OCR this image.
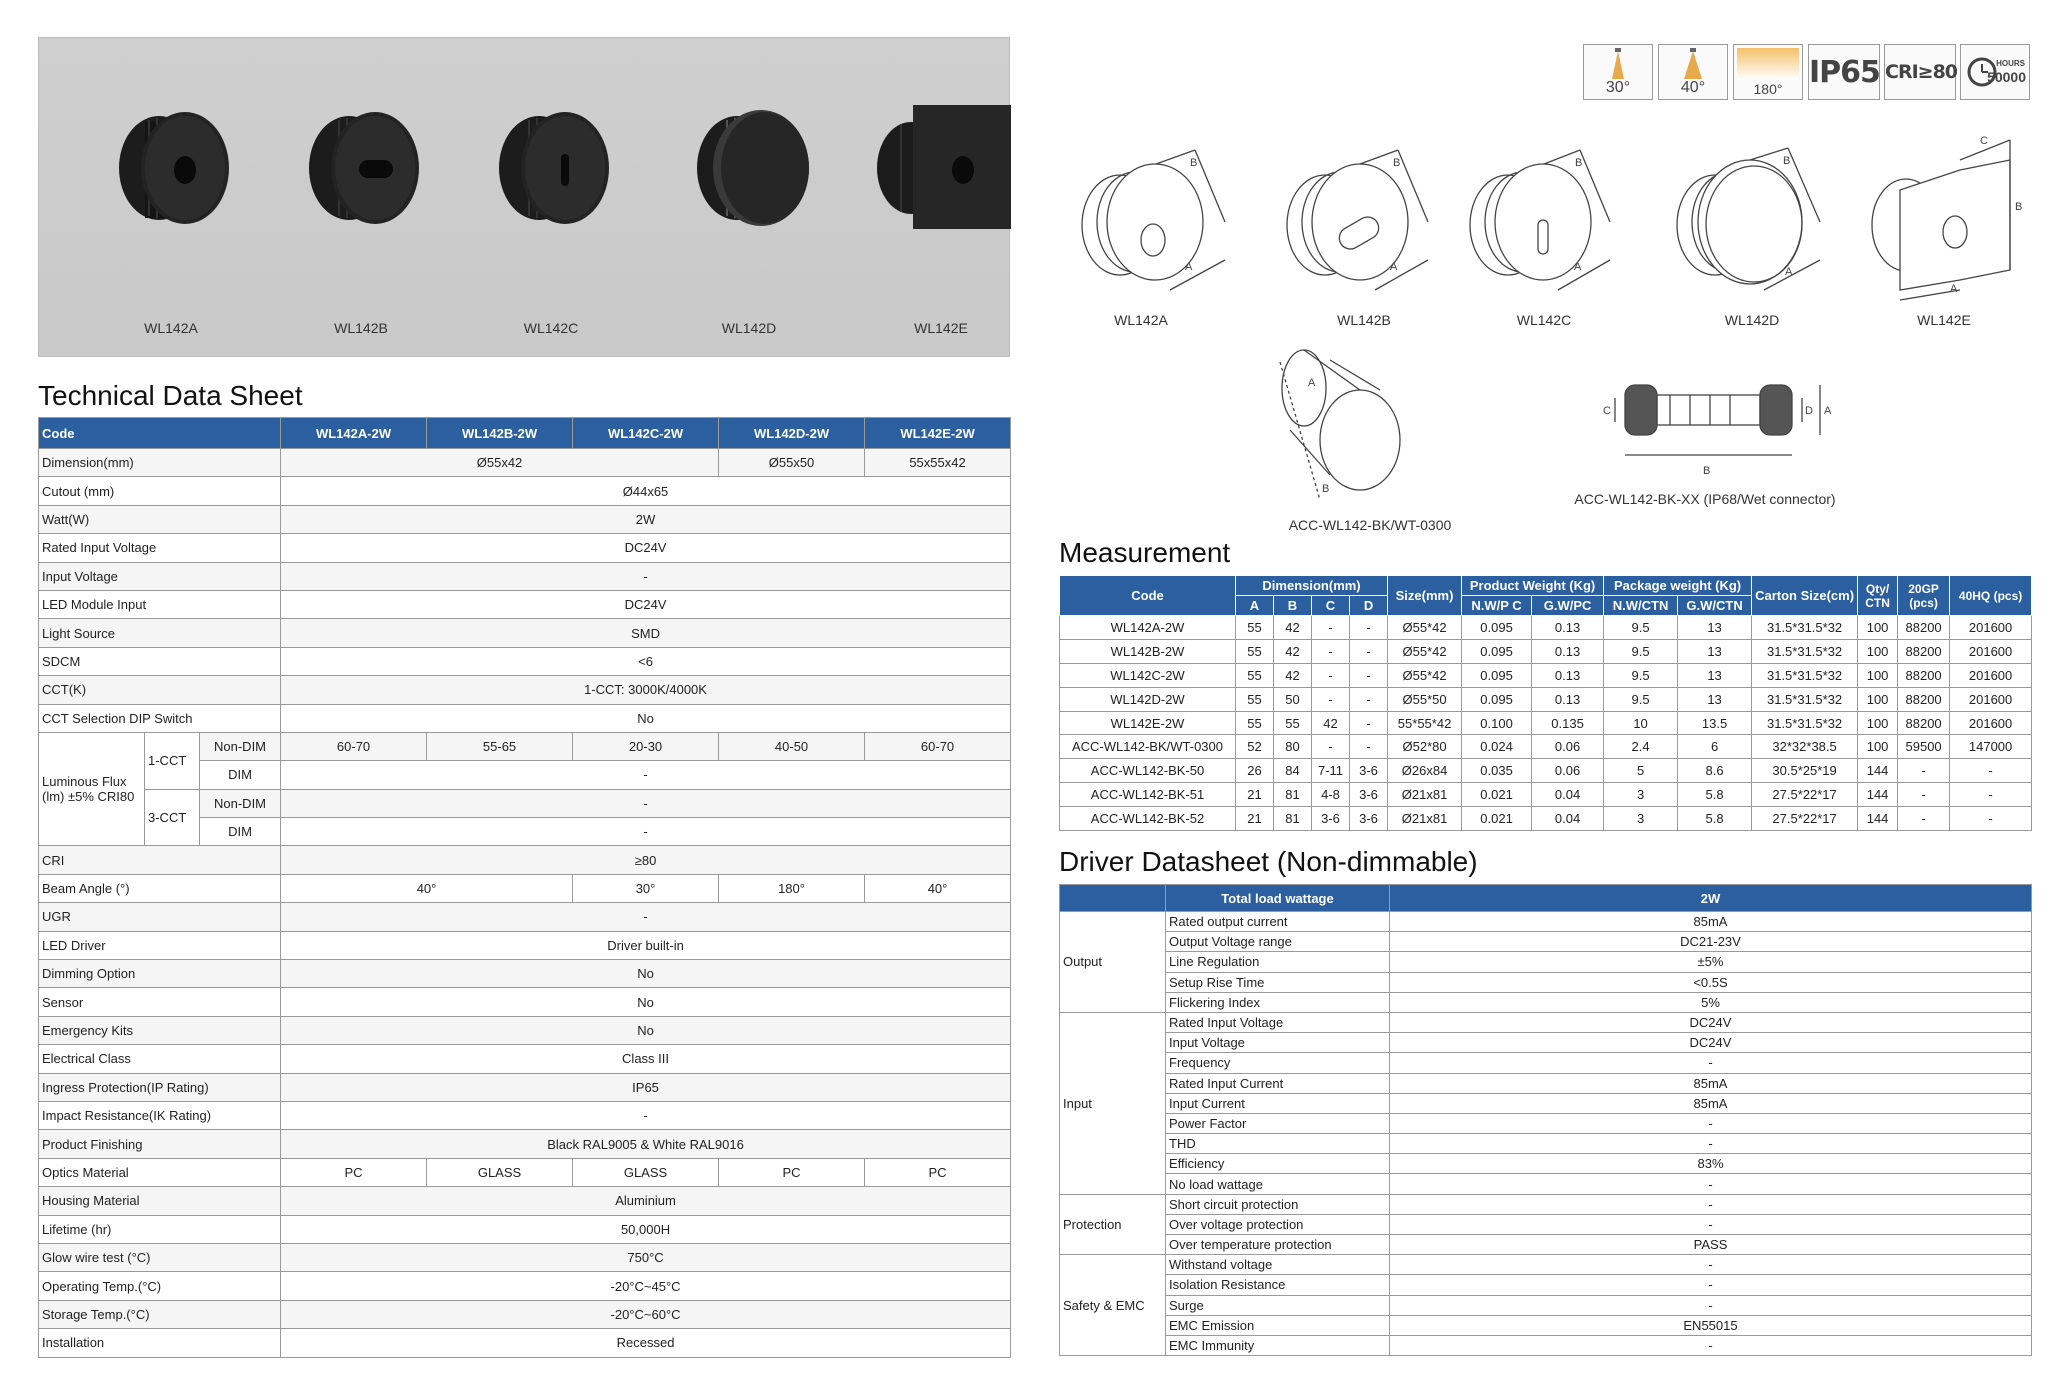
WL142A	WL142B	WL142C	WL142D	WL142E
Technical Data Sheet
Code			WL142A-2W	WL142B-2W	WL142C-2W	WL142D-2W	WL142E-2W
Dimension(mm)			Ø55x42			Ø55x50	55x55x42
Cutout (mm)			Ø44x65				
Watt(W)			2W				
Rated Input Voltage			DC24V				
Input Voltage			-				
LED Module Input			DC24V				
Light Source			SMD				
SDCM			<6				
CCT(K)			1-CCT: 3000K/4000K				
CCT Selection DIP Switch			No				
Luminous Flux (lm) ±5% CRI80	1-CCT	Non-DIM	60-70	55-65	20-30	40-50	60-70
		DIM	-				
	3-CCT	Non-DIM	-				
		DIM	-				
CRI			≥80				
Beam Angle (°)			40°		30°	180°	40°
UGR			-				
LED Driver			Driver built-in				
Dimming Option			No				
Sensor			No				
Emergency Kits			No				
Electrical Class			Class III				
Ingress Protection(IP Rating)			IP65				
Impact Resistance(IK Rating)			-				
Product Finishing			Black RAL9005 & White RAL9016				
Optics Material			PC	GLASS	GLASS	PC	PC
Housing Material			Aluminium				
Lifetime (hr)			50,000H				
Glow wire test (°C)			750°C				
Operating Temp.(°C)			-20°C~45°C				
Storage Temp.(°C)			-20°C~60°C				
Installation			Recessed				
30°	40°	180° IP65 CRI≥80	HOURS
50000
B
A
B
A
B
A
B
A
C
B
A
A
B
C	D A
B
WL142A	WL142B	WL142C	WL142D	WL142E
ACC-WL142-BK/WT-0300
ACC-WL142-BK-XX (IP68/Wet connector)
Measurement
Code	Dimension(mm)				Size(mm)	Product Weight (Kg)		Package weight (Kg)		Carton Size(cm)	Qty/ CTN	20GP (pcs)	40HQ (pcs)
	A	B	C	D		N.W/P C	G.W/PC	N.W/CTN	G.W/CTN				
WL142A-2W	55	42	-	-	Ø55*42	0.095	0.13	9.5	13	31.5*31.5*32	100	88200	201600
WL142B-2W	55	42	-	-	Ø55*42	0.095	0.13	9.5	13	31.5*31.5*32	100	88200	201600
WL142C-2W	55	42	-	-	Ø55*42	0.095	0.13	9.5	13	31.5*31.5*32	100	88200	201600
WL142D-2W	55	50	-	-	Ø55*50	0.095	0.13	9.5	13	31.5*31.5*32	100	88200	201600
WL142E-2W	55	55	42	-	55*55*42	0.100	0.135	10	13.5	31.5*31.5*32	100	88200	201600
ACC-WL142-BK/WT-0300	52	80	-	-	Ø52*80	0.024	0.06	2.4	6	32*32*38.5	100	59500	147000
ACC-WL142-BK-50	26	84	7-11	3-6	Ø26x84	0.035	0.06	5	8.6	30.5*25*19	144	-	-
ACC-WL142-BK-51	21	81	4-8	3-6	Ø21x81	0.021	0.04	3	5.8	27.5*22*17	144	-	-
ACC-WL142-BK-52	21	81	3-6	3-6	Ø21x81	0.021	0.04	3	5.8	27.5*22*17	144	-	-
Driver Datasheet (Non-dimmable)
	Total load wattage	2W
Output	Rated output current	85mA
	Output Voltage range	DC21-23V
	Line Regulation	±5%
	Setup Rise Time	<0.5S
	Flickering Index	5%
Input	Rated Input Voltage	DC24V
	Input Voltage	DC24V
	Frequency	-
	Rated Input Current	85mA
	Input Current	85mA
	Power Factor	-
	THD	-
	Efficiency	83%
	No load wattage	-
Protection	Short circuit protection	-
	Over voltage protection	-
	Over temperature protection	PASS
Safety & EMC	Withstand voltage	-
	Isolation Resistance	-
	Surge	-
	EMC Emission	EN55015
	EMC Immunity	-
